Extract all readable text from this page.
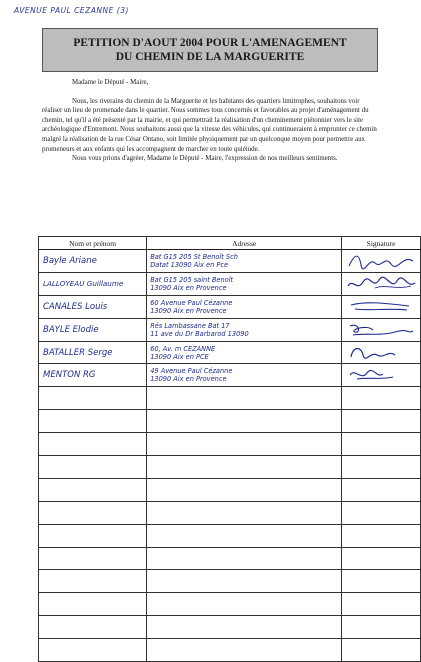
AVENUE PAUL CEZANNE (3)
PETITION D'AOUT 2004 POUR L'AMENAGEMENT
DU CHEMIN DE LA MARGUERITE

Madame le Député - Maire,

Nous, les riverains du chemin de la Marguerite et les habitants des quartiers limitrophes, souhaitons voir réaliser un lieu de promenade dans le quartier. Nous sommes tous concernés et favorables au projet d'aménagement du chemin, tel qu'il a été présenté par la mairie, et qui permettrait la réalisation d'un cheminement piétonnier vers le site archéologique d'Entremont. Nous souhaitons aussi que la vitesse des véhicules, qui continueraient à emprunter ce chemin malgré la réalisation de la rue César Ontano, soit limitée physiquement par un quelconque moyen pour permettre aux promeneurs et aux enfants qui les accompagnent de marcher en toute quiétude.

Nous vous prions d'agréer, Madame le Député - Maire, l'expression de nos meilleurs sentiments.

Nom et prénom	Adresse	Signature

Bayle Ariane	Bat G15 205 St Benoît Sch
Datat 13090 Aix en Pce

LALLOYEAU Guillaume	Bat G15 205 saint Benoît
13090 Aix en Provence

CANALES Louis	60 Avenue Paul Cézanne
13090 Aix en Provence

BAYLE Elodie	Rés Lambassane Bat 17
11 ave du Dr Barbarod 13090

BATALLER Serge	60, Av. m CEZANNE
13090 Aix en PCE

MENTON RG	49 Avenue Paul Cézanne
13090 Aix en Provence
